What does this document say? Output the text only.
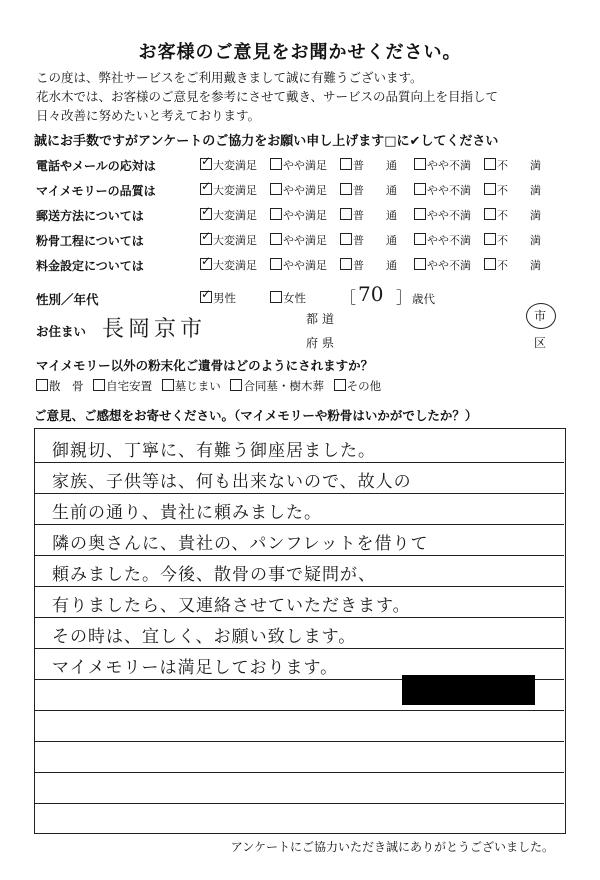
お客様のご意見をお聞かせください。
この度は、弊社サービスをご利用戴きまして誠に有難うございます。
花水木では、お客様のご意見を参考にさせて戴き、サービスの品質向上を目指して
日々改善に努めたいと考えております。
誠にお手数ですがアンケートのご協力をお願い申し上げます□に✔してください
電話やメールの応対は ✓	大変満足	やや満足	普　　通	やや不満	不　　満
マイメモリーの品質は ✓	大変満足	やや満足	普　　通	やや不満	不　　満
郵送方法については ✓	大変満足	やや満足	普　　通	やや不満	不　　満
粉骨工程については ✓	大変満足	やや満足	普　　通	やや不満	不　　満
料金設定については ✓	大変満足	やや満足	普　　通	やや不満	不　　満
性別／年代 ✓	男性	女性 ［ 70 ］ 歳代
お住まい 長岡京市	都 道
府 県
市
区
マイメモリー以外の粉末化ご遺骨はどのようにされますか？
散　骨 自宅安置 墓じまい 合同墓・樹木葬 その他
ご意見、ご感想をお寄せください。（マイメモリーや粉骨はいかがでしたか？）
御親切、丁寧に、有難う御座居ました。
家族、子供等は、何も出来ないので、故人の
生前の通り、貴社に頼みました。
隣の奥さんに、貴社の、パンフレットを借りて
頼みました。今後、散骨の事で疑問が、
有りましたら、又連絡させていただきます。
その時は、宜しく、お願い致します。
マイメモリーは満足しております。
アンケートにご協力いただき誠にありがとうございました。
